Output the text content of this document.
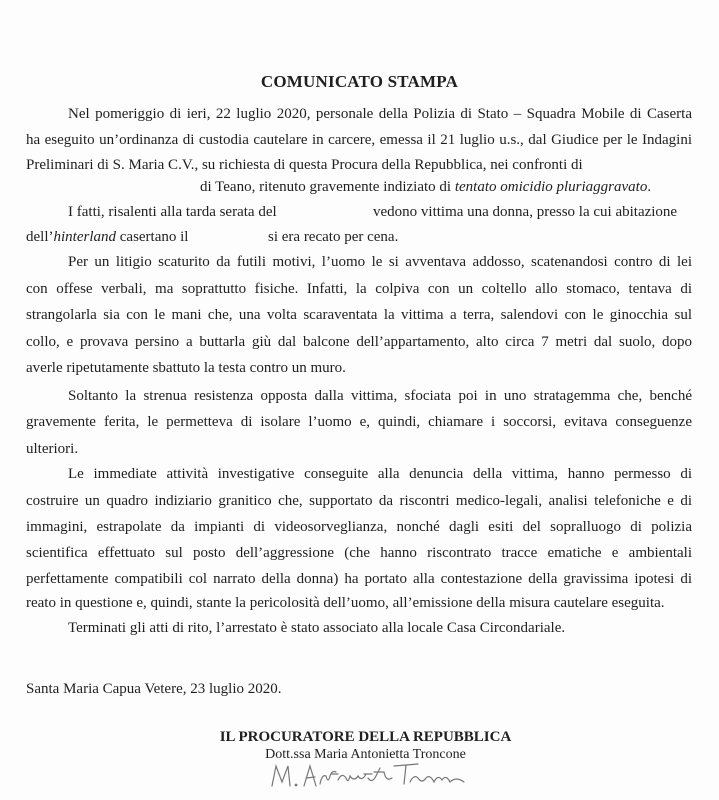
COMUNICATO STAMPA
Nel pomeriggio di ieri, 22 luglio 2020, personale della Polizia di Stato – Squadra Mobile di Caserta
ha eseguito un’ordinanza di custodia cautelare in carcere, emessa il 21 luglio u.s., dal Giudice per le Indagini
Preliminari di S. Maria C.V., su richiesta di questa Procura della Repubblica, nei confronti di
di Teano, ritenuto gravemente indiziato di tentato omicidio pluriaggravato.
I fatti, risalenti alla tarda serata del	vedono vittima una donna, presso la cui abitazione
dell’hinterland casertano il	si era recato per cena.
Per un litigio scaturito da futili motivi, l’uomo le si avventava addosso, scatenandosi contro di lei
con offese verbali, ma soprattutto fisiche. Infatti, la colpiva con un coltello allo stomaco, tentava di
strangolarla sia con le mani che, una volta scaraventata la vittima a terra, salendovi con le ginocchia sul
collo, e provava persino a buttarla giù dal balcone dell’appartamento, alto circa 7 metri dal suolo, dopo
averle ripetutamente sbattuto la testa contro un muro.
Soltanto la strenua resistenza opposta dalla vittima, sfociata poi in uno stratagemma che, benché
gravemente ferita, le permetteva di isolare l’uomo e, quindi, chiamare i soccorsi, evitava conseguenze
ulteriori.
Le immediate attività investigative conseguite alla denuncia della vittima, hanno permesso di
costruire un quadro indiziario granitico che, supportato da riscontri medico-legali, analisi telefoniche e di
immagini, estrapolate da impianti di videosorveglianza, nonché dagli esiti del sopralluogo di polizia
scientifica effettuato sul posto dell’aggressione (che hanno riscontrato tracce ematiche e ambientali
perfettamente compatibili col narrato della donna) ha portato alla contestazione della gravissima ipotesi di
reato in questione e, quindi, stante la pericolosità dell’uomo, all’emissione della misura cautelare eseguita.
Terminati gli atti di rito, l’arrestato è stato associato alla locale Casa Circondariale.
Santa Maria Capua Vetere, 23 luglio 2020.
IL PROCURATORE DELLA REPUBBLICA
Dott.ssa Maria Antonietta Troncone
